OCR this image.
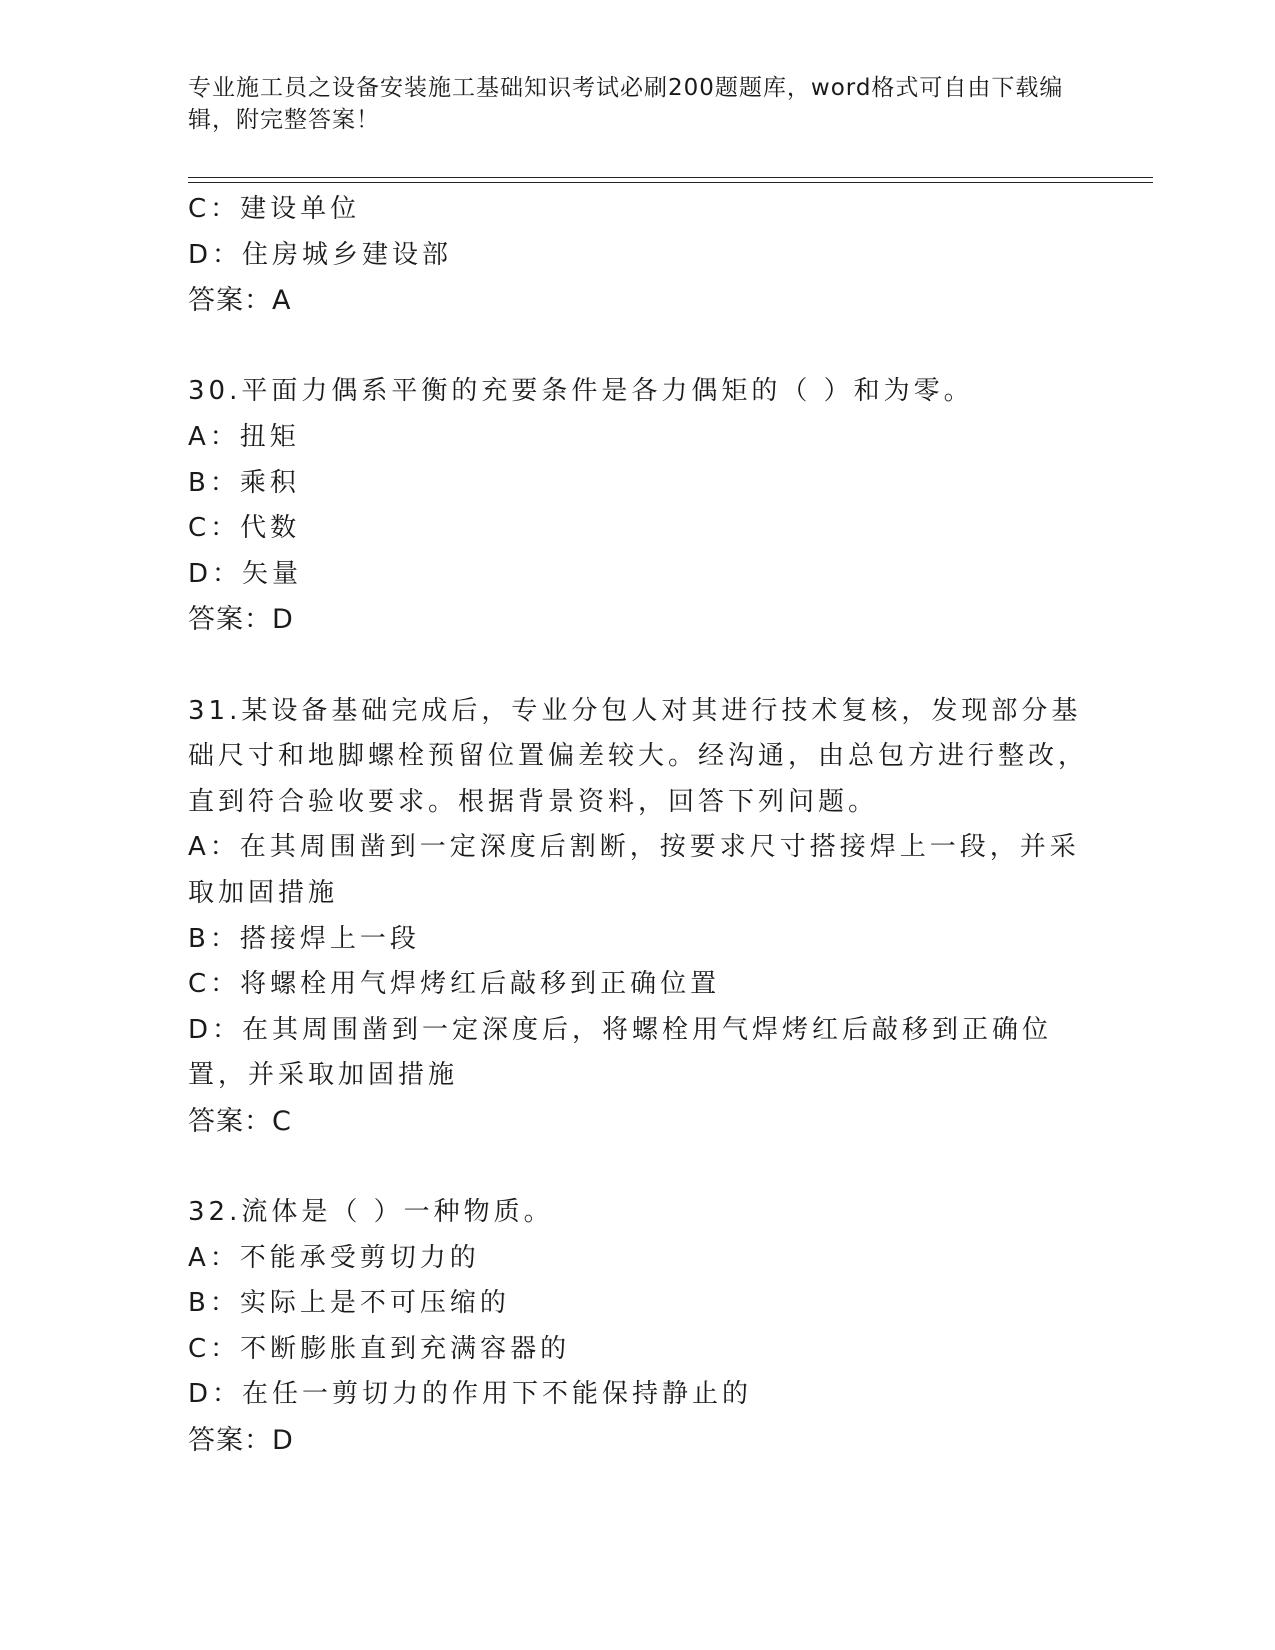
专业施工员之设备安装施工基础知识考试必刷200题题库，word格式可自由下载编辑，附完整答案！
C：建设单位
D：住房城乡建设部
答案：A
30.平面力偶系平衡的充要条件是各力偶矩的（ ）和为零。
A：扭矩
B：乘积
C：代数
D：矢量
答案：D
31.某设备基础完成后，专业分包人对其进行技术复核，发现部分基础尺寸和地脚螺栓预留位置偏差较大。经沟通，由总包方进行整改，直到符合验收要求。根据背景资料，回答下列问题。
A：在其周围凿到一定深度后割断，按要求尺寸搭接焊上一段，并采取加固措施
B：搭接焊上一段
C：将螺栓用气焊烤红后敲移到正确位置
D：在其周围凿到一定深度后，将螺栓用气焊烤红后敲移到正确位置，并采取加固措施
答案：C
32.流体是（ ）一种物质。
A：不能承受剪切力的
B：实际上是不可压缩的
C：不断膨胀直到充满容器的
D：在任一剪切力的作用下不能保持静止的
答案：D
